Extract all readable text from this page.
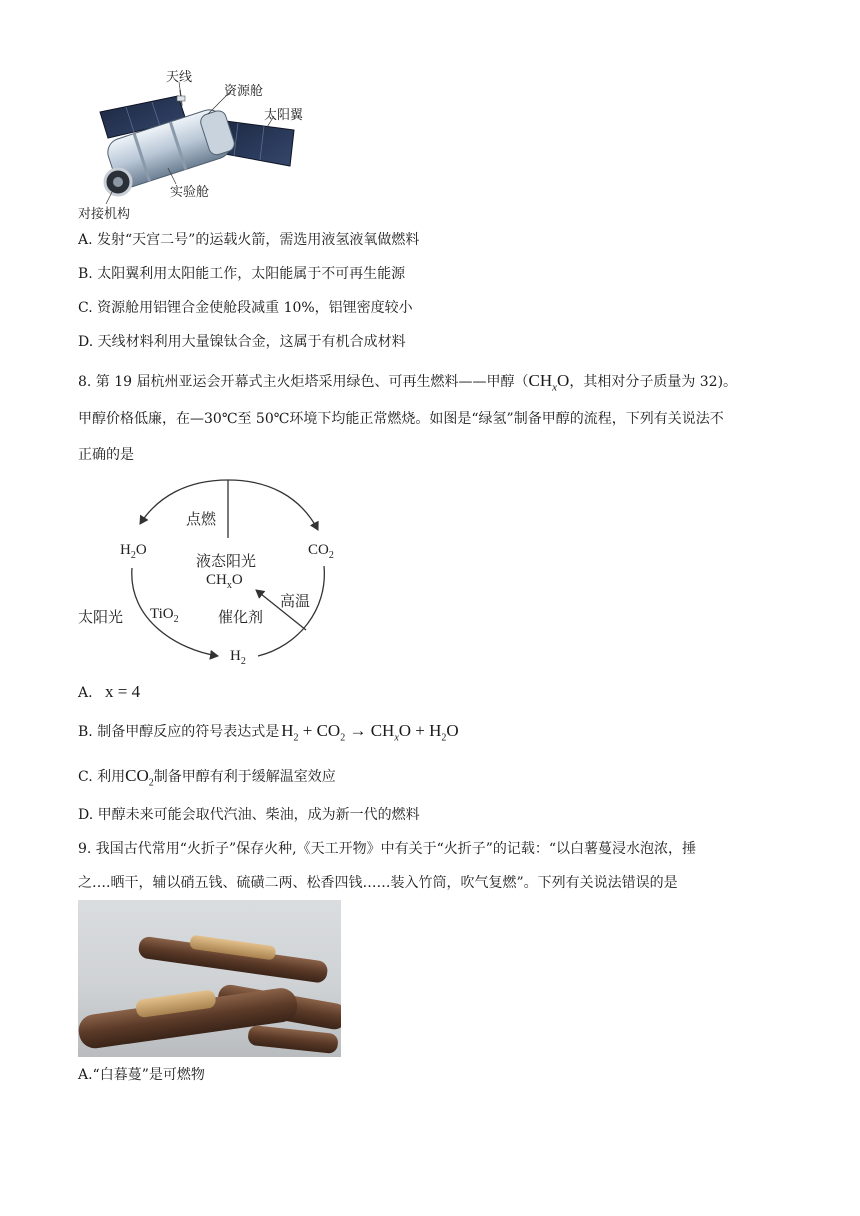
天线
资源舱
太阳翼
实验舱
对接机构
A. 发射“天宫二号”的运载火箭，需选用液氢液氧做燃料
B. 太阳翼利用太阳能工作，太阳能属于不可再生能源
C. 资源舱用铝锂合金使舱段减重 10%，铝锂密度较小
D. 天线材料利用大量镍钛合金，这属于有机合成材料
8. 第 19 届杭州亚运会开幕式主火炬塔采用绿色、可再生燃料——甲醇（$CH_xO$，其相对分子质量为 32)。
甲醇价格低廉，在—30℃至 50℃环境下均能正常燃烧。如图是“绿氢”制备甲醇的流程，下列有关说法不
正确的是
点燃
液态阳光
$CH_xO$
高温
催化剂
$H_2O$	$CO_2$
太阳光 TiO$_2$
$H_2$
A. x = 4
B. 制备甲醇反应的符号表达式是 $H_2 + CO_2 \to CH_xO + H_2O$
C. 利用$CO_2$制备甲醇有利于缓解温室效应
D. 甲醇未来可能会取代汽油、柴油，成为新一代的燃料
9. 我国古代常用“火折子”保存火种,《天工开物》中有关于“火折子”的记载：“以白薯蔓浸水泡浓，捶
之….晒干，辅以硝五钱、硫磺二两、松香四钱……装入竹筒，吹气复燃”。下列有关说法错误的是
A.“白暮蔓”是可燃物
